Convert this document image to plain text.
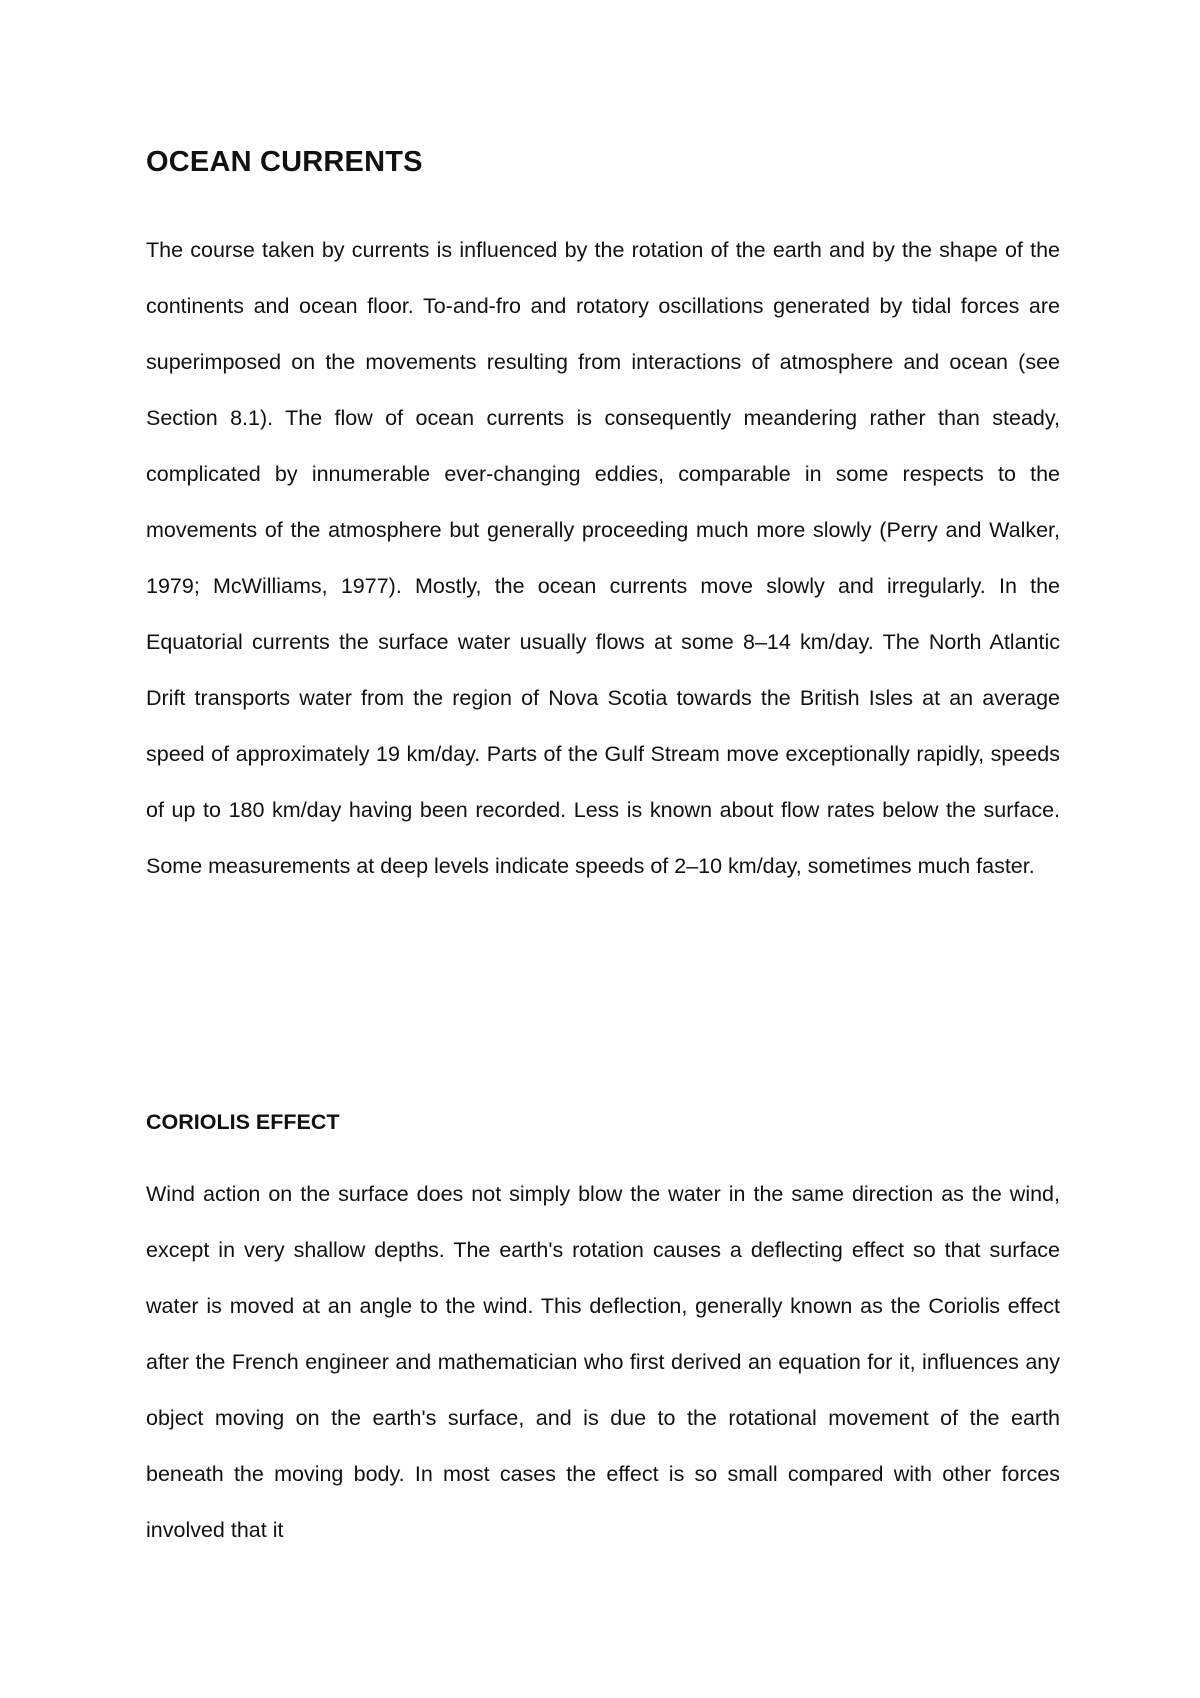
OCEAN CURRENTS

The course taken by currents is influenced by the rotation of the earth and by the shape of the continents and ocean floor. To-and-fro and rotatory oscillations generated by tidal forces are superimposed on the movements resulting from interactions of atmosphere and ocean (see Section 8.1). The flow of ocean currents is consequently meandering rather than steady, complicated by innumerable ever-changing eddies, comparable in some respects to the movements of the atmosphere but generally proceeding much more slowly (Perry and Walker, 1979; McWilliams, 1977). Mostly, the ocean currents move slowly and irregularly. In the Equatorial currents the surface water usually flows at some 8–14 km/day. The North Atlantic Drift transports water from the region of Nova Scotia towards the British Isles at an average speed of approximately 19 km/day. Parts of the Gulf Stream move exceptionally rapidly, speeds of up to 180 km/day having been recorded. Less is known about flow rates below the surface. Some measurements at deep levels indicate speeds of 2–10 km/day, sometimes much faster.

CORIOLIS EFFECT

Wind action on the surface does not simply blow the water in the same direction as the wind, except in very shallow depths. The earth's rotation causes a deflecting effect so that surface water is moved at an angle to the wind. This deflection, generally known as the Coriolis effect after the French engineer and mathematician who first derived an equation for it, influences any object moving on the earth's surface, and is due to the rotational movement of the earth beneath the moving body. In most cases the effect is so small compared with other forces involved that it
